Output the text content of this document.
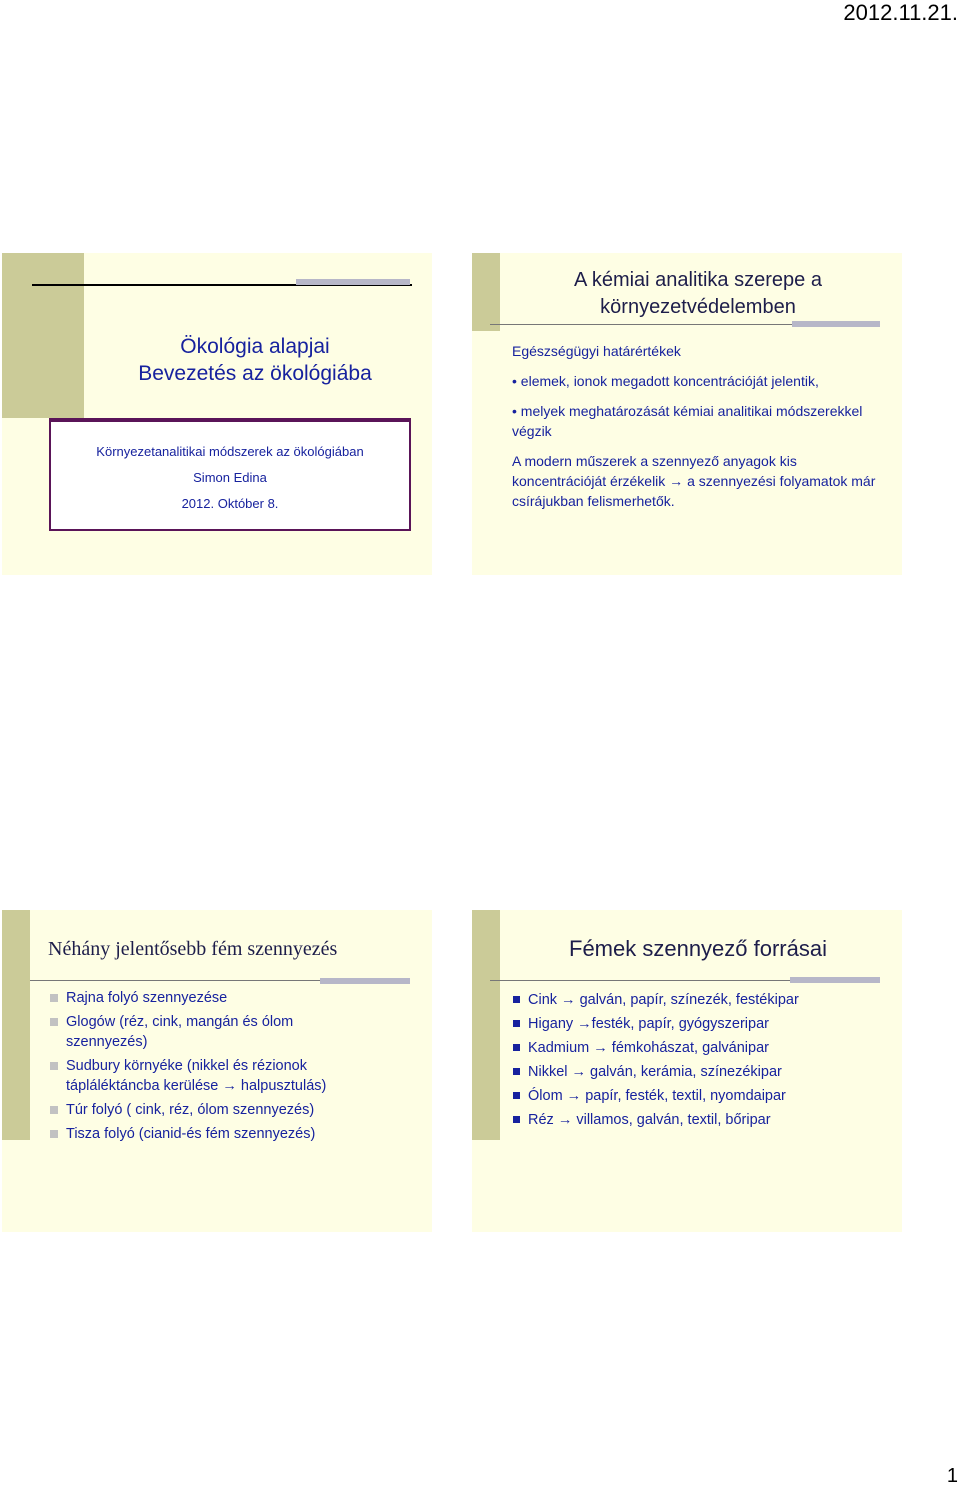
2012.11.21.
Ökológia alapjai
Bevezetés az ökológiába
Környezetanalitikai módszerek az ökológiában
Simon Edina
2012. Október 8.
A kémiai analitika szerepe a
környezetvédelemben

Egészségügyi határértékek

• elemek, ionok megadott koncentrációját jelentik,

• melyek meghatározását kémiai analitikai módszerekkel végzik

A modern műszerek a szennyező anyagok kis koncentrációját érzékelik → a szennyezési folyamatok már csírájukban felismerhetők.

Néhány jelentősebb fém szennyezés
Rajna folyó szennyezése
Glogów (réz, cink, mangán és ólom szennyezés)
Sudbury környéke (nikkel és rézionok tápláléktáncba kerülése → halpusztulás)
Túr folyó ( cink, réz, ólom szennyezés)
Tisza folyó (cianid-és fém szennyezés)
Fémek szennyező forrásai
Cink → galván, papír, színezék, festékipar
Higany →festék, papír, gyógyszeripar
Kadmium → fémkohászat, galvánipar
Nikkel → galván, kerámia, színezékipar
Ólom → papír, festék, textil, nyomdaipar
Réz → villamos, galván, textil, bőripar
1
